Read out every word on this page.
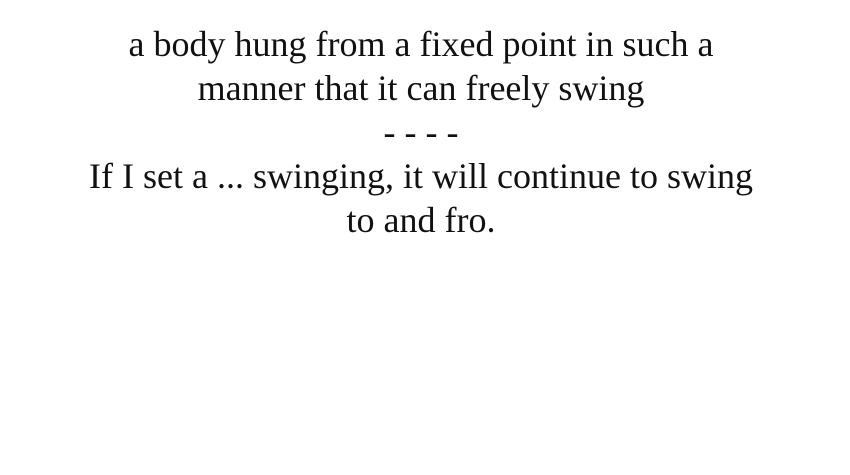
a body hung from a fixed point in such a
manner that it can freely swing
- - - -
If I set a ... swinging, it will continue to swing
to and fro.
